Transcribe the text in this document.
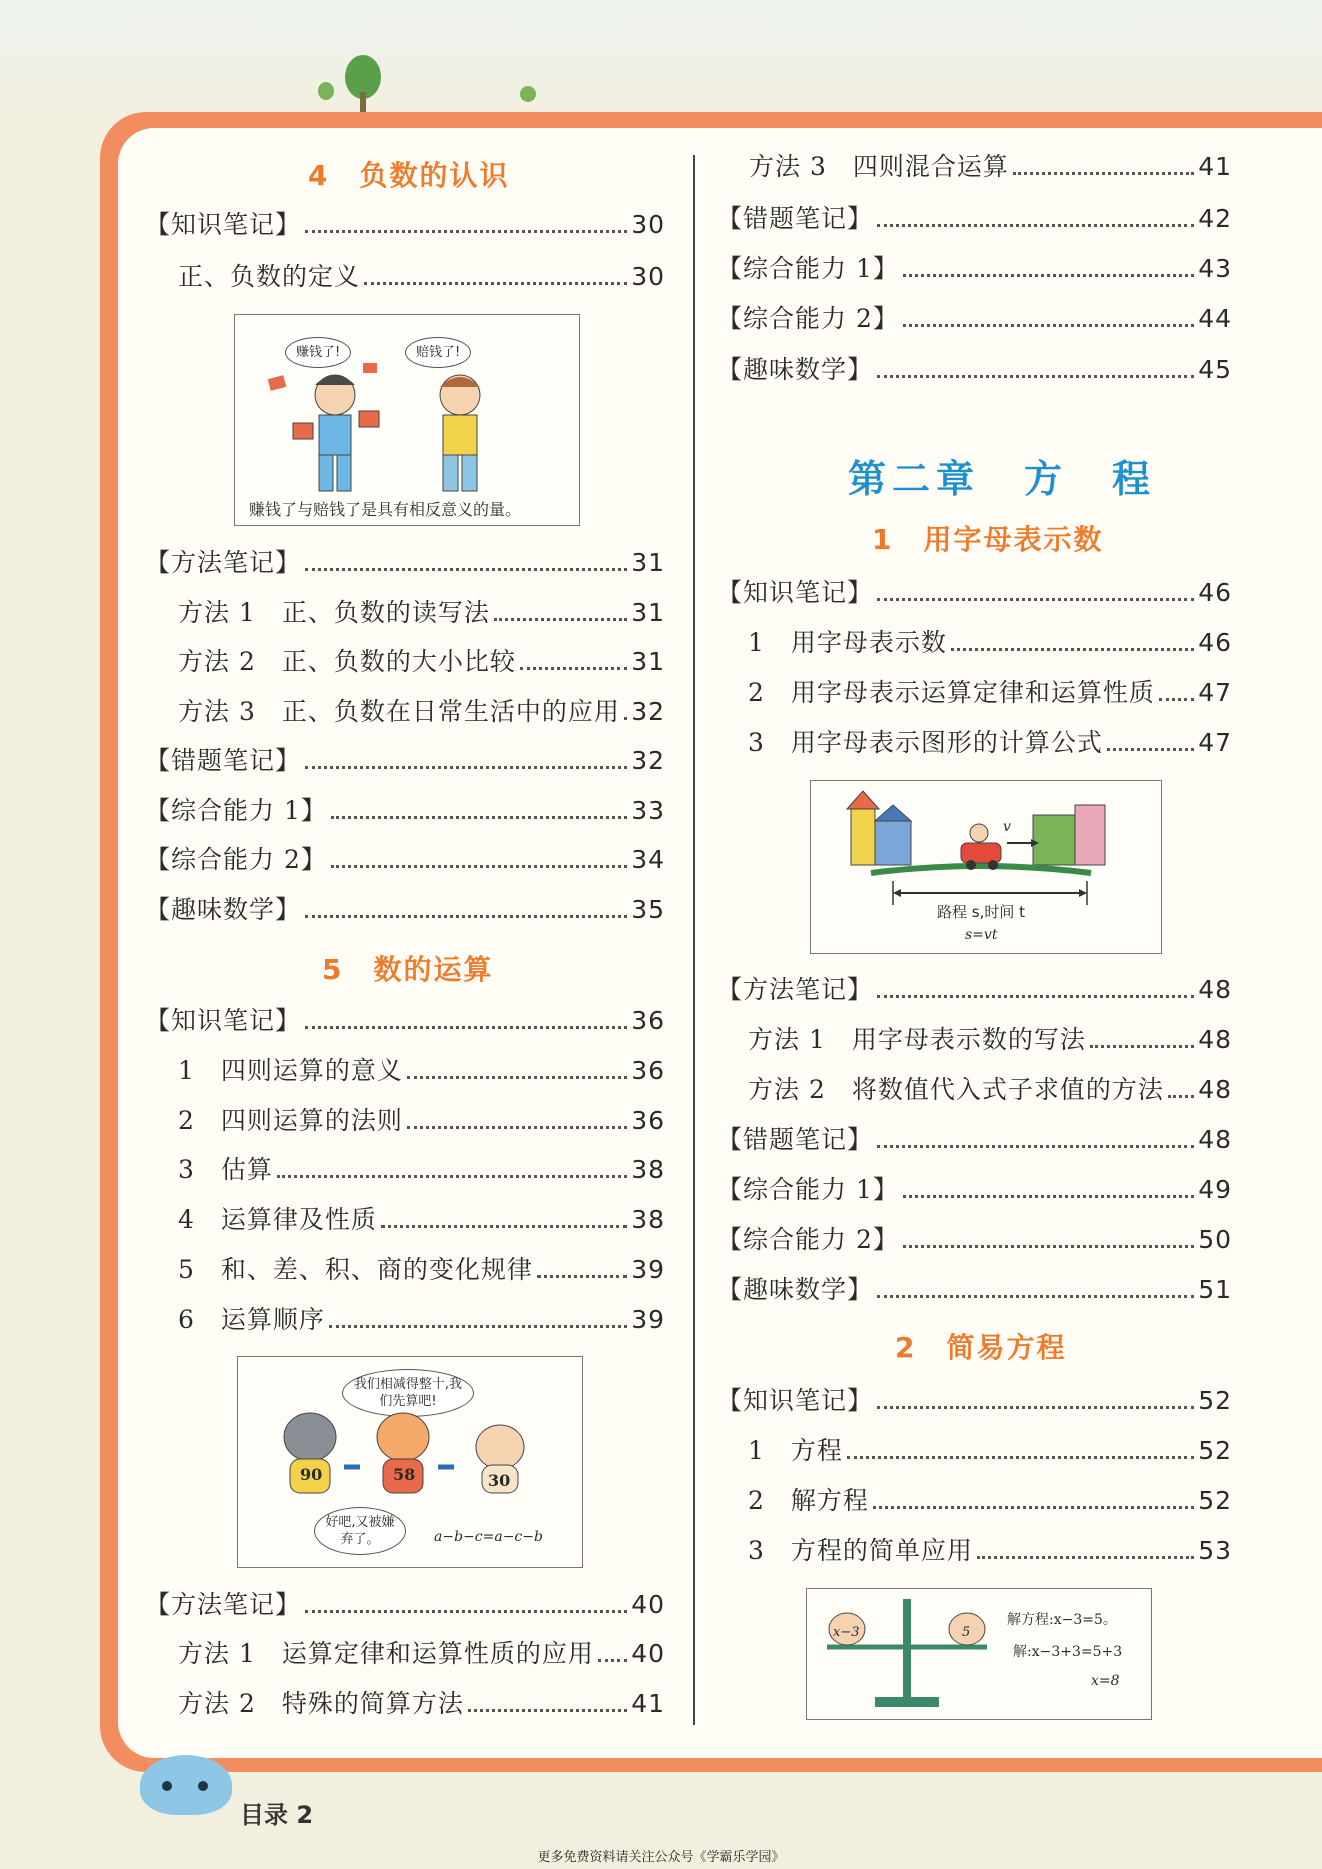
4　负数的认识
【知识笔记】	30
正、负数的定义	30
赚钱了!	赔钱了!
赚钱了与赔钱了是具有相反意义的量。
【方法笔记】	31
方法 1　正、负数的读写法	31
方法 2　正、负数的大小比较	31
方法 3　正、负数在日常生活中的应用 32
【错题笔记】	32
【综合能力 1】	33
【综合能力 2】	34
【趣味数学】	35
5　数的运算
【知识笔记】	36
1　四则运算的意义	36
2　四则运算的法则	36
3　估算	38
4　运算律及性质	38
5　和、差、积、商的变化规律	39
6　运算顺序	39
我们相减得整十,我们先算吧!
90	58	30
好吧,又被嫌弃了。	a−b−c=a−c−b
【方法笔记】	40
方法 1　运算定律和运算性质的应用 40
方法 2　特殊的简算方法	41
方法 3　四则混合运算	41
【错题笔记】	42
【综合能力 1】	43
【综合能力 2】	44
【趣味数学】	45
第二章　方　程
1　用字母表示数
【知识笔记】	46
1　用字母表示数	46
2　用字母表示运算定律和运算性质 47
3　用字母表示图形的计算公式	47
v
路程 s,时间 t
s=vt
【方法笔记】	48
方法 1　用字母表示数的写法	48
方法 2　将数值代入式子求值的方法 48
【错题笔记】	48
【综合能力 1】	49
【综合能力 2】	50
【趣味数学】	51
2　简易方程
【知识笔记】	52
1　方程	52
2　解方程	52
3　方程的简单应用	53
x−3	5
解方程:x−3=5。
解:x−3+3=5+3
x=8
目录 2
更多免费资料请关注公众号《学霸乐学园》
